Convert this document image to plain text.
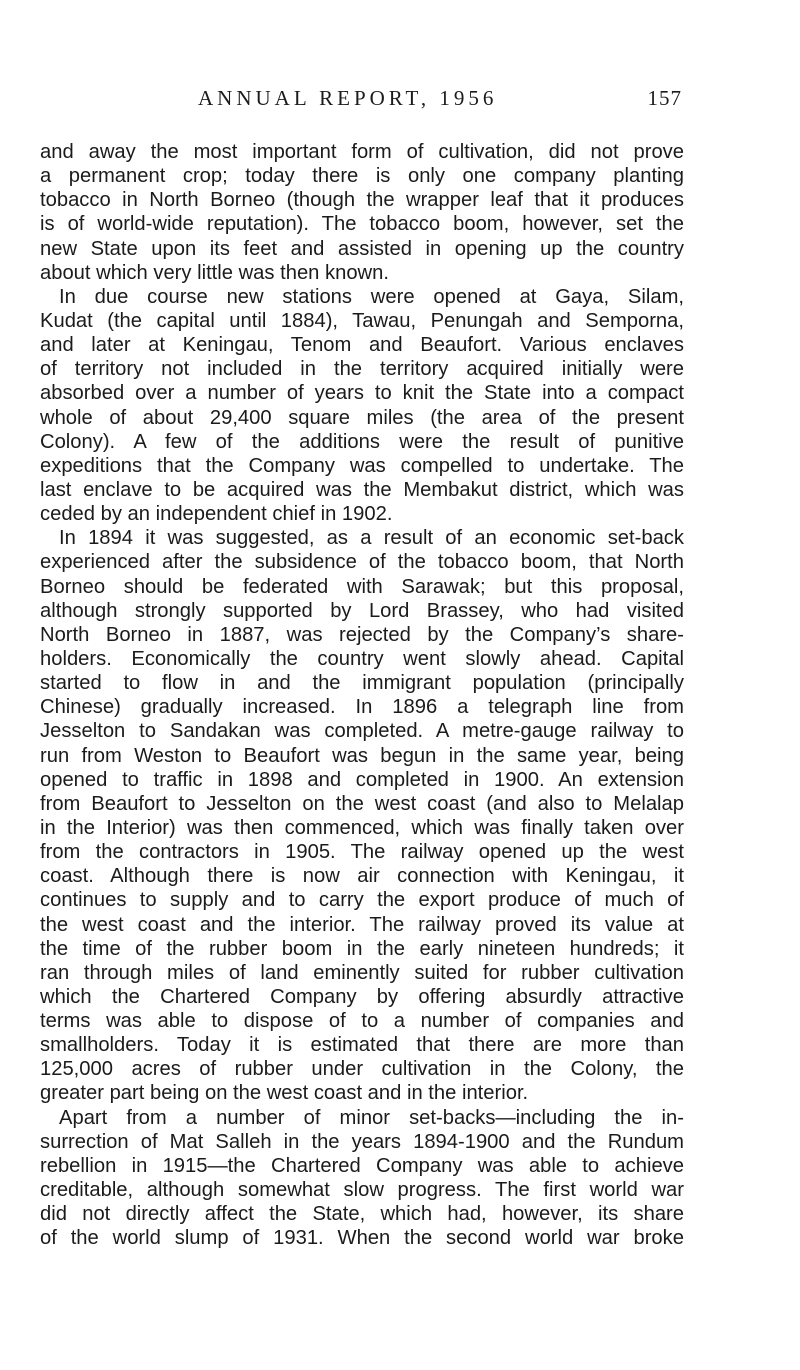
ANNUAL REPORT, 1956	157
and away the most important form of cultivation, did not prove
a permanent crop; today there is only one company planting
tobacco in North Borneo (though the wrapper leaf that it produces
is of world-wide reputation). The tobacco boom, however, set the
new State upon its feet and assisted in opening up the country
about which very little was then known.
In due course new stations were opened at Gaya, Silam,
Kudat (the capital until 1884), Tawau, Penungah and Semporna,
and later at Keningau, Tenom and Beaufort. Various enclaves
of territory not included in the territory acquired initially were
absorbed over a number of years to knit the State into a compact
whole of about 29,400 square miles (the area of the present
Colony). A few of the additions were the result of punitive
expeditions that the Company was compelled to undertake. The
last enclave to be acquired was the Membakut district, which was
ceded by an independent chief in 1902.
In 1894 it was suggested, as a result of an economic set-back
experienced after the subsidence of the tobacco boom, that North
Borneo should be federated with Sarawak; but this proposal,
although strongly supported by Lord Brassey, who had visited
North Borneo in 1887, was rejected by the Company’s share-
holders. Economically the country went slowly ahead. Capital
started to flow in and the immigrant population (principally
Chinese) gradually increased. In 1896 a telegraph line from
Jesselton to Sandakan was completed. A metre-gauge railway to
run from Weston to Beaufort was begun in the same year, being
opened to traffic in 1898 and completed in 1900. An extension
from Beaufort to Jesselton on the west coast (and also to Melalap
in the Interior) was then commenced, which was finally taken over
from the contractors in 1905. The railway opened up the west
coast. Although there is now air connection with Keningau, it
continues to supply and to carry the export produce of much of
the west coast and the interior. The railway proved its value at
the time of the rubber boom in the early nineteen hundreds; it
ran through miles of land eminently suited for rubber cultivation
which the Chartered Company by offering absurdly attractive
terms was able to dispose of to a number of companies and
smallholders. Today it is estimated that there are more than
125,000 acres of rubber under cultivation in the Colony, the
greater part being on the west coast and in the interior.
Apart from a number of minor set-backs—including the in-
surrection of Mat Salleh in the years 1894-1900 and the Rundum
rebellion in 1915—the Chartered Company was able to achieve
creditable, although somewhat slow progress. The first world war
did not directly affect the State, which had, however, its share
of the world slump of 1931. When the second world war broke
